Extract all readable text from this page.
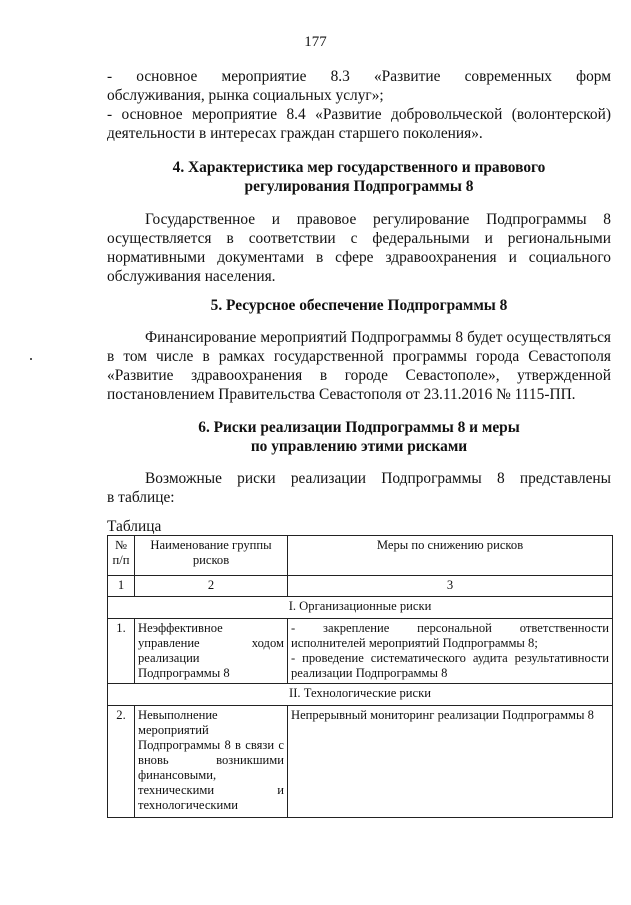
177
- основное мероприятие 8.3 «Развитие современных форм
обслуживания, рынка социальных услуг»;
- основное мероприятие 8.4 «Развитие добровольческой (волонтерской)
деятельности в интересах граждан старшего поколения».
4. Характеристика мер государственного и правового
регулирования Подпрограммы 8
Государственное и правовое регулирование Подпрограммы 8
осуществляется в соответствии с федеральными и региональными
нормативными документами в сфере здравоохранения и социального
обслуживания населения.
5. Ресурсное обеспечение Подпрограммы 8
Финансирование мероприятий Подпрограммы 8 будет осуществляться
в том числе в рамках государственной программы города Севастополя
«Развитие здравоохранения в городе Севастополе», утвержденной
постановлением Правительства Севастополя от 23.11.2016 № 1115-ПП.
6. Риски реализации Подпрограммы 8 и меры
по управлению этими рисками
Возможные риски реализации Подпрограммы 8 представлены
в таблице:
Таблица
№ п/п	Наименование группы рисков	Меры по снижению рисков
1	2	3
I. Организационные риски		
1.	Неэффективное управление ходом реализации Подпрограммы 8	- закрепление персональной ответственности исполнителей мероприятий Подпрограммы 8;
- проведение систематического аудита результативности реализации Подпрограммы 8

II. Технологические риски		
2.	Невыполнение мероприятий Подпрограммы 8 в связи с вновь возникшими финансовыми, техническими и технологическими	Непрерывный мониторинг реализации Подпрограммы 8
